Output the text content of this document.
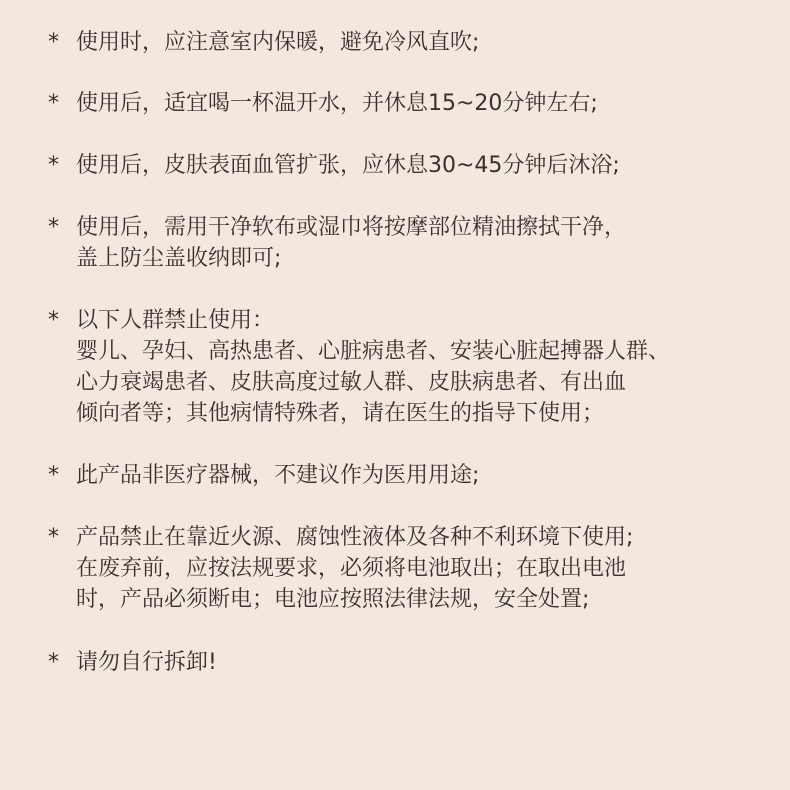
* 使用时，应注意室内保暖，避免冷风直吹;
* 使用后，适宜喝一杯温开水，并休息15~20分钟左右;
* 使用后，皮肤表面血管扩张，应休息30~45分钟后沐浴;
* 使用后，需用干净软布或湿巾将按摩部位精油擦拭干净，
盖上防尘盖收纳即可;
* 以下人群禁止使用：
婴儿、孕妇、高热患者、心脏病患者、安装心脏起搏器人群、
心力衰竭患者、皮肤高度过敏人群、皮肤病患者、有出血
倾向者等；其他病情特殊者，请在医生的指导下使用；
* 此产品非医疗器械，不建议作为医用用途;
* 产品禁止在靠近火源、腐蚀性液体及各种不利环境下使用;
在废弃前，应按法规要求，必须将电池取出；在取出电池
时，产品必须断电；电池应按照法律法规，安全处置;
* 请勿自行拆卸!
